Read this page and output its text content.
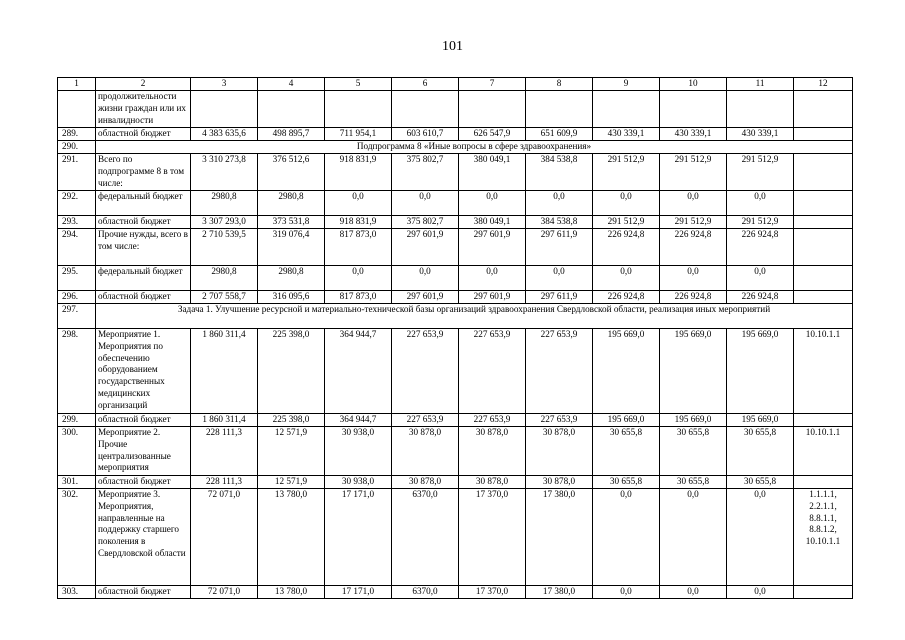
101
1	2	3	4	5	6	7	8	9	10	11	12
	продолжительности жизни граждан или их инвалидности										
289.	областной бюджет	4 383 635,6	498 895,7	711 954,1	603 610,7	626 547,9	651 609,9	430 339,1	430 339,1	430 339,1	
290.	Подпрограмма 8 «Иные вопросы в сфере здравоохранения»										
291.	Всего по подпрограмме 8 в том числе:	3 310 273,8	376 512,6	918 831,9	375 802,7	380 049,1	384 538,8	291 512,9	291 512,9	291 512,9	
292.	федеральный бюджет	2980,8	2980,8	0,0	0,0	0,0	0,0	0,0	0,0	0,0	
293.	областной бюджет	3 307 293,0	373 531,8	918 831,9	375 802,7	380 049,1	384 538,8	291 512,9	291 512,9	291 512,9	
294.	Прочие нужды, всего в том числе:	2 710 539,5	319 076,4	817 873,0	297 601,9	297 601,9	297 611,9	226 924,8	226 924,8	226 924,8	
295.	федеральный бюджет	2980,8	2980,8	0,0	0,0	0,0	0,0	0,0	0,0	0,0	
296.	областной бюджет	2 707 558,7	316 095,6	817 873,0	297 601,9	297 601,9	297 611,9	226 924,8	226 924,8	226 924,8	
297.	Задача 1. Улучшение ресурсной и материально-технической базы организаций здравоохранения Свердловской области, реализация иных мероприятий										
298.	Мероприятие 1. Мероприятия по обеспечению оборудованием государственных медицинских организаций	1 860 311,4	225 398,0	364 944,7	227 653,9	227 653,9	227 653,9	195 669,0	195 669,0	195 669,0	10.10.1.1
299.	областной бюджет	1 860 311,4	225 398,0	364 944,7	227 653,9	227 653,9	227 653,9	195 669,0	195 669,0	195 669,0	
300.	Мероприятие 2. Прочие централизованные мероприятия	228 111,3	12 571,9	30 938,0	30 878,0	30 878,0	30 878,0	30 655,8	30 655,8	30 655,8	10.10.1.1
301.	областной бюджет	228 111,3	12 571,9	30 938,0	30 878,0	30 878,0	30 878,0	30 655,8	30 655,8	30 655,8	
302.	Мероприятие 3. Мероприятия, направленные на поддержку старшего поколения в Свердловской области	72 071,0	13 780,0	17 171,0	6370,0	17 370,0	17 380,0	0,0	0,0	0,0	1.1.1.1, 2.2.1.1, 8.8.1.1, 8.8.1.2, 10.10.1.1
303.	областной бюджет	72 071,0	13 780,0	17 171,0	6370,0	17 370,0	17 380,0	0,0	0,0	0,0	
